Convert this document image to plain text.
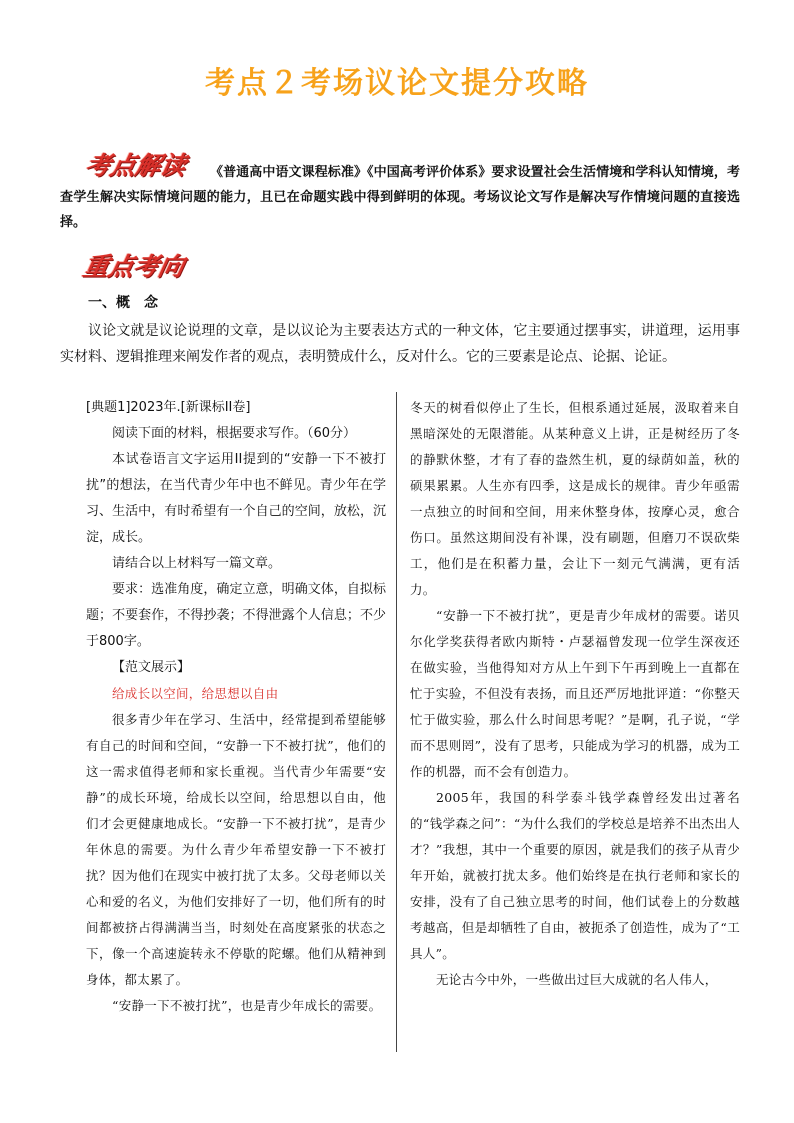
考点２考场议论文提分攻略
考点解读	《普通高中语文课程标准》《中国高考评价体系》要求设置社会生活情境和学科认知情境，考查学生解决实际情境问题的能力，且已在命题实践中得到鲜明的体现。考场议论文写作是解决写作情境问题的直接选择。
重点考向
一、概　念
议论文就是议论说理的文章，是以议论为主要表达方式的一种文体，它主要通过摆事实，讲道理，运用事实材料、逻辑推理来阐发作者的观点，表明赞成什么，反对什么。它的三要素是论点、论据、论证。

[典题1]2023年.[新课标II卷]

阅读下面的材料，根据要求写作。（60分）

本试卷语言文字运用II提到的“安静一下不被打扰”的想法，在当代青少年中也不鲜见。青少年在学习、生活中，有时希望有一个自己的空间，放松，沉淀，成长。

请结合以上材料写一篇文章。

要求：选准角度，确定立意，明确文体，自拟标题；不要套作，不得抄袭；不得泄露个人信息；不少于800字。

【范文展示】

给成长以空间，给思想以自由

很多青少年在学习、生活中，经常提到希望能够有自己的时间和空间，“安静一下不被打扰”，他们的这一需求值得老师和家长重视。当代青少年需要“安静”的成长环境，给成长以空间，给思想以自由，他们才会更健康地成长。“安静一下不被打扰”，是青少年休息的需要。为什么青少年希望安静一下不被打扰？因为他们在现实中被打扰了太多。父母老师以关心和爱的名义，为他们安排好了一切，他们所有的时间都被挤占得满满当当，时刻处在高度紧张的状态之下，像一个高速旋转永不停歇的陀螺。他们从精神到身体，都太累了。

“安静一下不被打扰”，也是青少年成长的需要。

冬天的树看似停止了生长，但根系通过延展，汲取着来自黑暗深处的无限潜能。从某种意义上讲，正是树经历了冬的静默休整，才有了春的盎然生机，夏的绿荫如盖，秋的硕果累累。人生亦有四季，这是成长的规律。青少年亟需一点独立的时间和空间，用来休整身体，按摩心灵，愈合伤口。虽然这期间没有补课，没有刷题，但磨刀不误砍柴工，他们是在积蓄力量，会让下一刻元气满满，更有活力。

“安静一下不被打扰”，更是青少年成材的需要。诺贝尔化学奖获得者欧内斯特・卢瑟福曾发现一位学生深夜还在做实验，当他得知对方从上午到下午再到晚上一直都在忙于实验，不但没有表扬，而且还严厉地批评道：“你整天忙于做实验，那么什么时间思考呢？”是啊，孔子说，“学而不思则罔”，没有了思考，只能成为学习的机器，成为工作的机器，而不会有创造力。

2005年，我国的科学泰斗钱学森曾经发出过著名的“钱学森之问”：“为什么我们的学校总是培养不出杰出人才？”我想，其中一个重要的原因，就是我们的孩子从青少年开始，就被打扰太多。他们始终是在执行老师和家长的安排，没有了自己独立思考的时间，他们试卷上的分数越考越高，但是却牺牲了自由，被扼杀了创造性，成为了“工具人”。

无论古今中外，一些做出过巨大成就的名人伟人，
